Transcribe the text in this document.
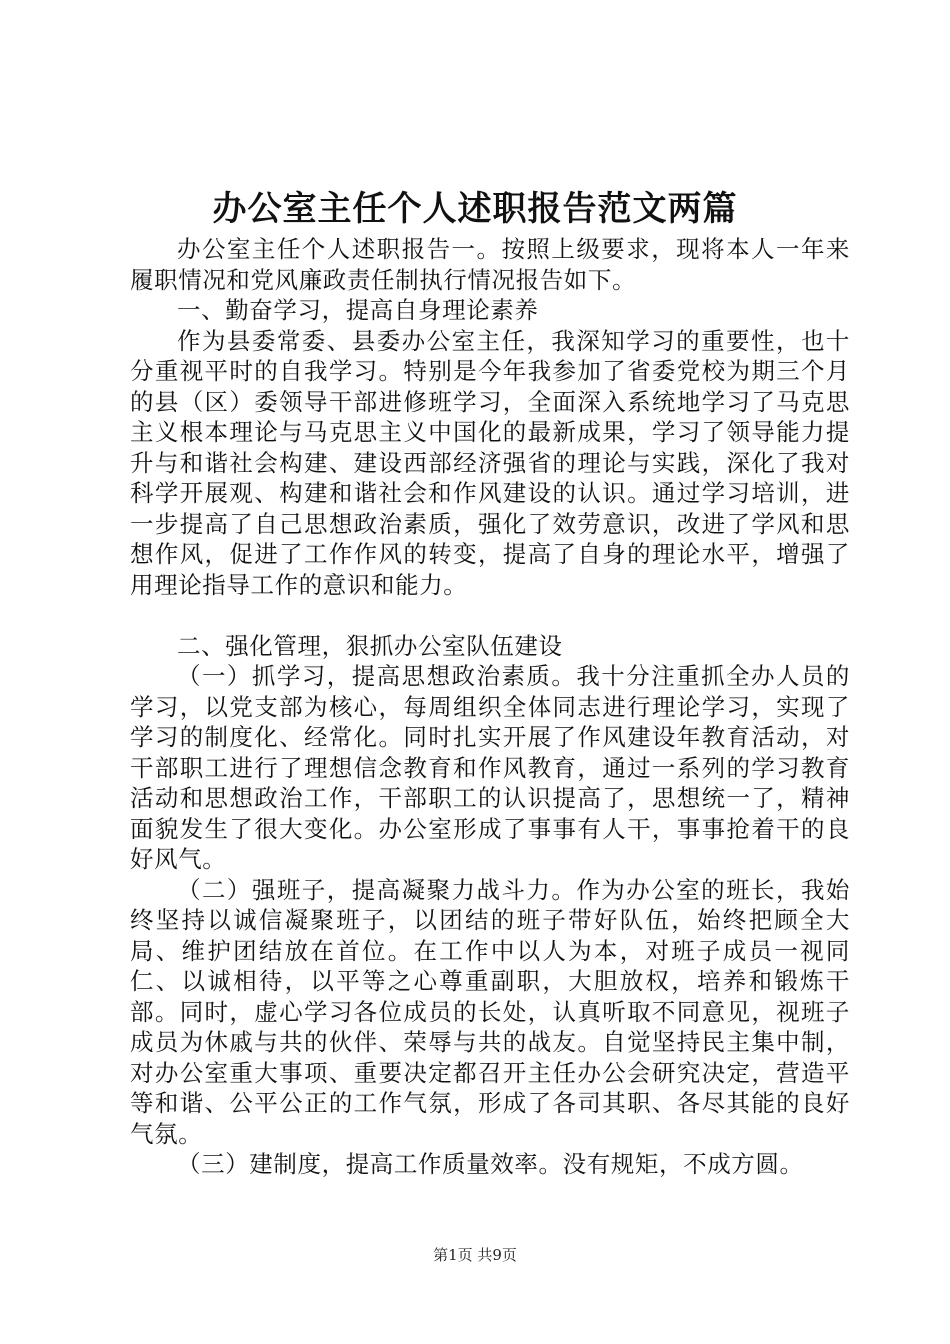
办公室主任个人述职报告范文两篇

办公室主任个人述职报告一。按照上级要求，现将本人一年来履职情况和党风廉政责任制执行情况报告如下。

一、勤奋学习，提高自身理论素养

作为县委常委、县委办公室主任，我深知学习的重要性，也十分重视平时的自我学习。特别是今年我参加了省委党校为期三个月的县（区）委领导干部进修班学习，全面深入系统地学习了马克思主义根本理论与马克思主义中国化的最新成果，学习了领导能力提升与和谐社会构建、建设西部经济强省的理论与实践，深化了我对科学开展观、构建和谐社会和作风建设的认识。通过学习培训，进一步提高了自己思想政治素质，强化了效劳意识，改进了学风和思想作风，促进了工作作风的转变，提高了自身的理论水平，增强了用理论指导工作的意识和能力。

二、强化管理，狠抓办公室队伍建设

（一）抓学习，提高思想政治素质。我十分注重抓全办人员的学习，以党支部为核心，每周组织全体同志进行理论学习，实现了学习的制度化、经常化。同时扎实开展了作风建设年教育活动，对干部职工进行了理想信念教育和作风教育，通过一系列的学习教育活动和思想政治工作，干部职工的认识提高了，思想统一了，精神面貌发生了很大变化。办公室形成了事事有人干，事事抢着干的良好风气。

（二）强班子，提高凝聚力战斗力。作为办公室的班长，我始终坚持以诚信凝聚班子，以团结的班子带好队伍，始终把顾全大局、维护团结放在首位。在工作中以人为本，对班子成员一视同仁、以诚相待，以平等之心尊重副职，大胆放权，培养和锻炼干部。同时，虚心学习各位成员的长处，认真听取不同意见，视班子成员为休戚与共的伙伴、荣辱与共的战友。自觉坚持民主集中制，对办公室重大事项、重要决定都召开主任办公会研究决定，营造平等和谐、公平公正的工作气氛，形成了各司其职、各尽其能的良好气氛。

（三）建制度，提高工作质量效率。没有规矩，不成方圆。

第1页 共9页
